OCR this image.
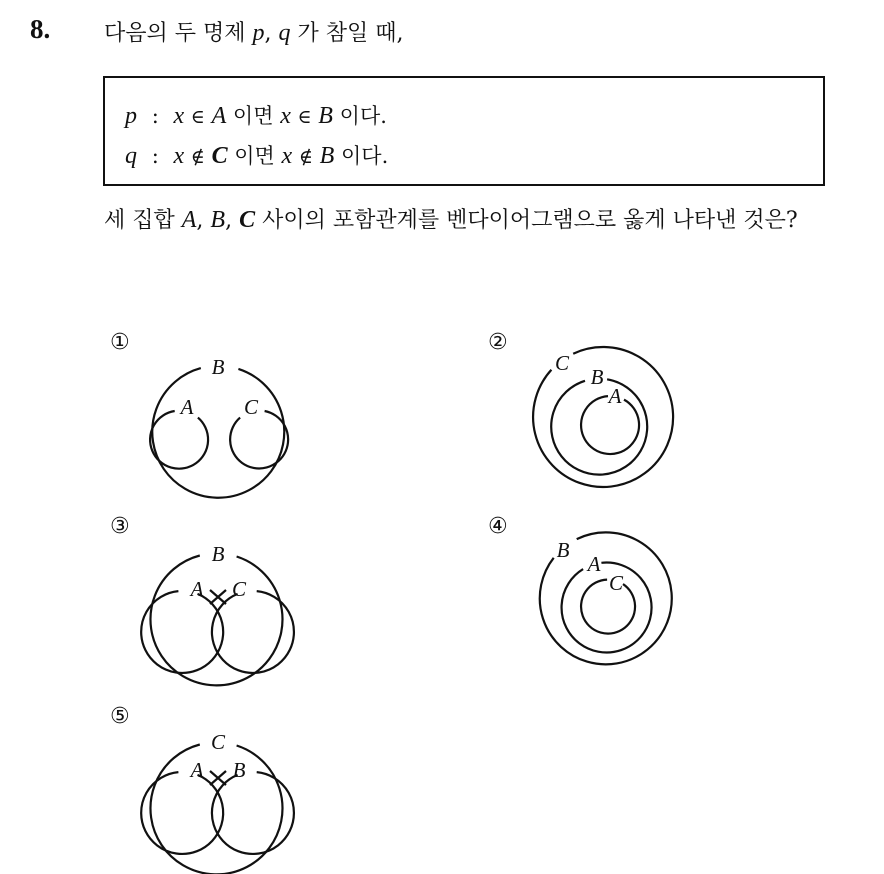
8. 다음의 두 명제 p, q 가 참일 때,
p : x ∈ A 이면 x ∈ B 이다.
q : x ∉ C 이면 x ∉ B 이다.
세 집합 A, B, C 사이의 포함관계를 벤다이어그램으로 옳게 나타낸 것은?
①	②
③	④
⑤
B
A C
C
B
A
B
A C
B
A
C
C
A B
